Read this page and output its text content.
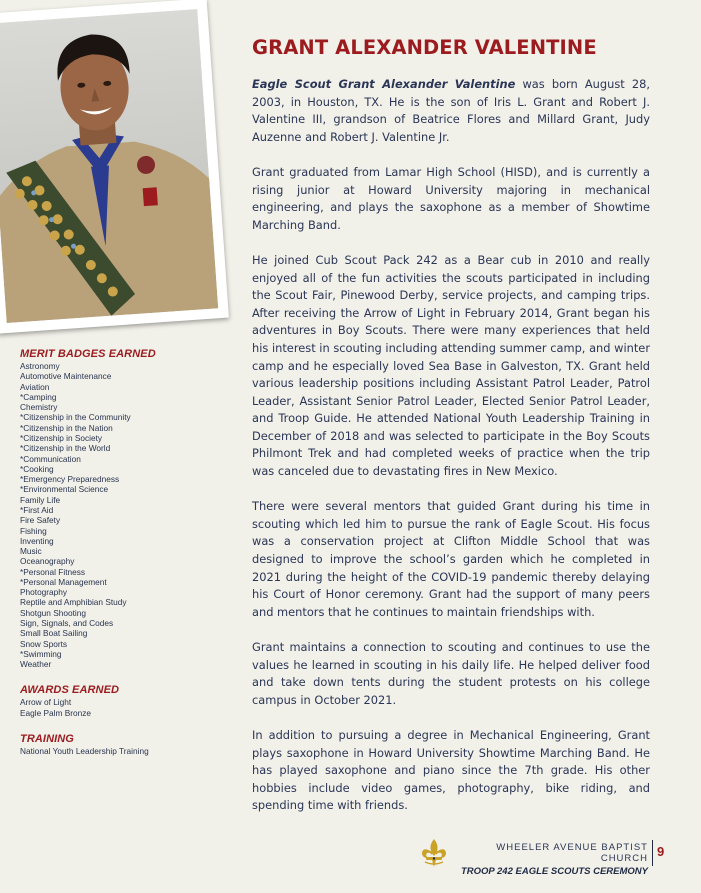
MERIT BADGES EARNED
Astronomy
Automotive Maintenance
Aviation
*Camping
Chemistry
*Citizenship in the Community
*Citizenship in the Nation
*Citizenship in Society
*Citizenship in the World
*Communication
*Cooking
*Emergency Preparedness
*Environmental Science
Family Life
*First Aid
Fire Safety
Fishing
Inventing
Music
Oceanography
*Personal Fitness
*Personal Management
Photography
Reptile and Amphibian Study
Shotgun Shooting
Sign, Signals, and Codes
Small Boat Sailing
Snow Sports
*Swimming
Weather
AWARDS EARNED
Arrow of Light
Eagle Palm Bronze
TRAINING
National Youth Leadership Training
GRANT ALEXANDER VALENTINE

Eagle Scout Grant Alexander Valentine was born August 28, 2003, in Houston, TX. He is the son of Iris L. Grant and Robert J. Valentine III, grandson of Beatrice Flores and Millard Grant, Judy Auzenne and Robert J. Valentine Jr.

Grant graduated from Lamar High School (HISD), and is currently a rising junior at Howard University majoring in mechanical engineering, and plays the saxophone as a member of Showtime Marching Band.

He joined Cub Scout Pack 242 as a Bear cub in 2010 and really enjoyed all of the fun activities the scouts participated in including the Scout Fair, Pinewood Derby, service projects, and camping trips. After receiving the Arrow of Light in February 2014, Grant began his adventures in Boy Scouts. There were many experiences that held his interest in scouting including attending summer camp, and winter camp and he especially loved Sea Base in Galveston, TX. Grant held various leadership positions including Assistant Patrol Leader, Patrol Leader, Assistant Senior Patrol Leader, Elected Senior Patrol Leader, and Troop Guide. He attended National Youth Leadership Training in December of 2018 and was selected to participate in the Boy Scouts Philmont Trek and had completed weeks of practice when the trip was canceled due to devastating fires in New Mexico.

There were several mentors that guided Grant during his time in scouting which led him to pursue the rank of Eagle Scout. His focus was a conservation project at Clifton Middle School that was designed to improve the school’s garden which he completed in 2021 during the height of the COVID-19 pandemic thereby delaying his Court of Honor ceremony. Grant had the support of many peers and mentors that he continues to maintain friendships with.

Grant maintains a connection to scouting and continues to use the values he learned in scouting in his daily life. He helped deliver food and take down tents during the student protests on his college campus in October 2021.

In addition to pursuing a degree in Mechanical Engineering, Grant plays saxophone in Howard University Showtime Marching Band. He has played saxophone and piano since the 7th grade. His other hobbies include video games, photography, bike riding, and spending time with friends.

WHEELER AVENUE BAPTIST CHURCH
TROOP 242 EAGLE SCOUTS CEREMONY
9
